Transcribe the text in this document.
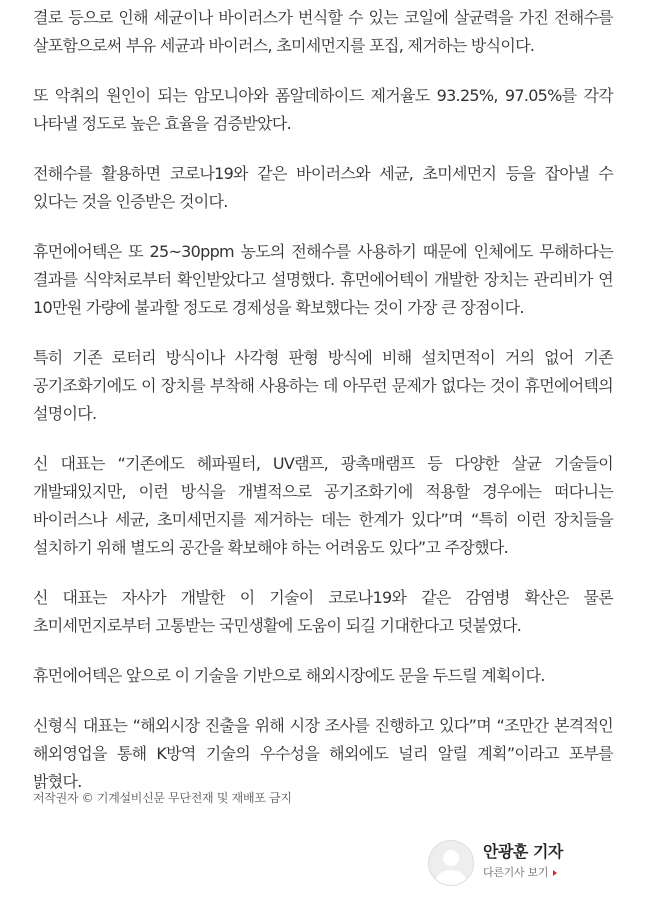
결로 등으로 인해 세균이나 바이러스가 번식할 수 있는 코일에 살균력을 가진 전해수를 살포함으로써 부유 세균과 바이러스, 초미세먼지를 포집, 제거하는 방식이다.

또 악취의 원인이 되는 암모니아와 폼알데하이드 제거율도 93.25%, 97.05%를 각각 나타낼 정도로 높은 효율을 검증받았다.

전해수를 활용하면 코로나19와 같은 바이러스와 세균, 초미세먼지 등을 잡아낼 수 있다는 것을 인증받은 것이다.

휴먼에어텍은 또 25~30ppm 농도의 전해수를 사용하기 때문에 인체에도 무해하다는 결과를 식약처로부터 확인받았다고 설명했다. 휴먼에어텍이 개발한 장치는 관리비가 연 10만원 가량에 불과할 정도로 경제성을 확보했다는 것이 가장 큰 장점이다.

특히 기존 로터리 방식이나 사각형 판형 방식에 비해 설치면적이 거의 없어 기존 공기조화기에도 이 장치를 부착해 사용하는 데 아무런 문제가 없다는 것이 휴먼에어텍의 설명이다.

신 대표는 “기존에도 헤파필터, UV램프, 광촉매램프 등 다양한 살균 기술들이 개발돼있지만, 이런 방식을 개별적으로 공기조화기에 적용할 경우에는 떠다니는 바이러스나 세균, 초미세먼지를 제거하는 데는 한계가 있다”며 “특히 이런 장치들을 설치하기 위해 별도의 공간을 확보해야 하는 어려움도 있다”고 주장했다.

신 대표는 자사가 개발한 이 기술이 코로나19와 같은 감염병 확산은 물론 초미세먼지로부터 고통받는 국민생활에 도움이 되길 기대한다고 덧붙였다.

휴먼에어텍은 앞으로 이 기술을 기반으로 해외시장에도 문을 두드릴 계획이다.

신형식 대표는 “해외시장 진출을 위해 시장 조사를 진행하고 있다”며 “조만간 본격적인 해외영업을 통해 K방역 기술의 우수성을 해외에도 널리 알릴 계획”이라고 포부를 밝혔다.

저작권자 © 기계설비신문 무단전재 및 재배포 금지
안광훈 기자
다른기사 보기
